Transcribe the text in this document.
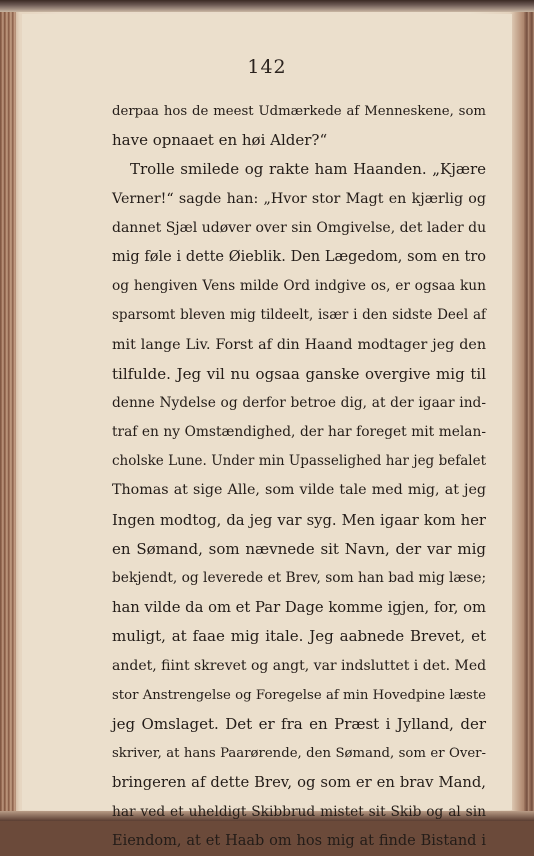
142
derpaa hos de meest Udmærkede af Menneskene, som
have opnaaet en høi Alder?“
Trolle smilede og rakte ham Haanden. „Kjære
Verner!“ sagde han: „Hvor stor Magt en kjærlig og
dannet Sjæl udøver over sin Omgivelse, det lader du
mig føle i dette Øieblik. Den Lægedom, som en tro
og hengiven Vens milde Ord indgive os, er ogsaa kun
sparsomt bleven mig tildeelt, især i den sidste Deel af
mit lange Liv. Forst af din Haand modtager jeg den
tilfulde. Jeg vil nu ogsaa ganske overgive mig til
denne Nydelse og derfor betroe dig, at der igaar ind-
traf en ny Omstændighed, der har foreget mit melan-
cholske Lune. Under min Upasselighed har jeg befalet
Thomas at sige Alle, som vilde tale med mig, at jeg
Ingen modtog, da jeg var syg. Men igaar kom her
en Sømand, som nævnede sit Navn, der var mig
bekjendt, og leverede et Brev, som han bad mig læse;
han vilde da om et Par Dage komme igjen, for, om
muligt, at faae mig itale. Jeg aabnede Brevet, et
andet, fiint skrevet og angt, var indsluttet i det. Med
stor Anstrengelse og Foregelse af min Hovedpine læste
jeg Omslaget. Det er fra en Præst i Jylland, der
skriver, at hans Paarørende, den Sømand, som er Over-
bringeren af dette Brev, og som er en brav Mand,
har ved et uheldigt Skibbrud mistet sit Skib og al sin
Eiendom, at et Haab om hos mig at finde Bistand i
